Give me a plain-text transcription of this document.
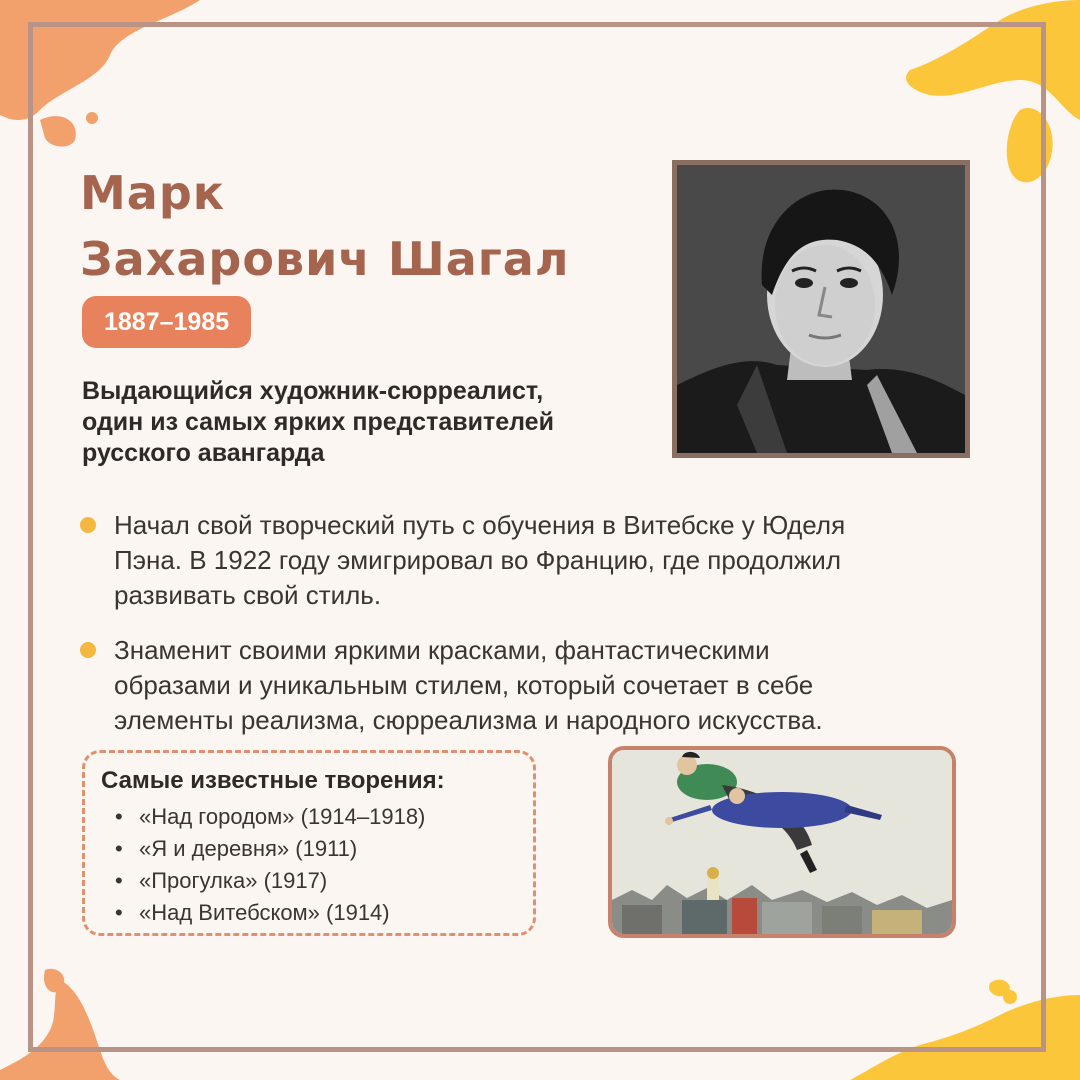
Марк
Захарович Шагал
1887–1985

Выдающийся художник-сюрреалист,
один из самых ярких представителей
русского авангарда

Начал свой творческий путь с обучения в Витебске у Юделя
Пэна. В 1922 году эмигрировал во Францию, где продолжил
развивать свой стиль.
Знаменит своими яркими красками, фантастическими
образами и уникальным стилем, который сочетает в себе
элементы реализма, сюрреализма и народного искусства.
Самые известные творения:
• «Над городом» (1914–1918)
• «Я и деревня» (1911)
• «Прогулка» (1917)
• «Над Витебском» (1914)
